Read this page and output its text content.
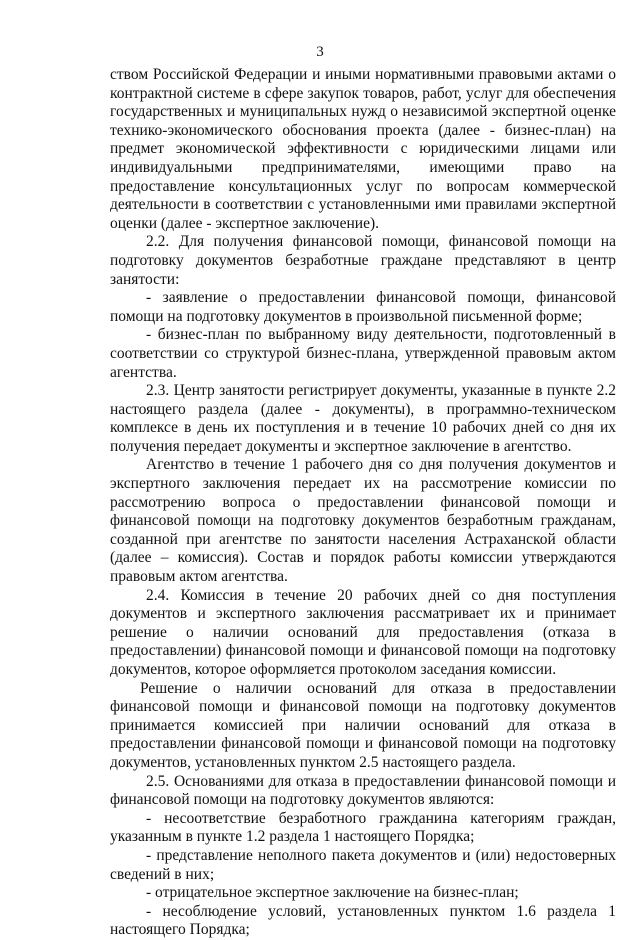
3

ством Российской Федерации и иными нормативными правовыми актами о контрактной системе в сфере закупок товаров, работ, услуг для обеспечения государственных и муниципальных нужд о независимой экспертной оценке технико-экономического обоснования проекта (далее - бизнес-план) на предмет экономической эффективности с юридическими лицами или индивидуальными предпринимателями, имеющими право на предоставление консультационных услуг по вопросам коммерческой деятельности в соответствии с установленными ими правилами экспертной оценки (далее - экспертное заключение).

2.2. Для получения финансовой помощи, финансовой помощи на подготовку документов безработные граждане представляют в центр занятости:

- заявление о предоставлении финансовой помощи, финансовой помощи на подготовку документов в произвольной письменной форме;

- бизнес-план по выбранному виду деятельности, подготовленный в соответствии со структурой бизнес-плана, утвержденной правовым актом агентства.

2.3. Центр занятости регистрирует документы, указанные в пункте 2.2 настоящего раздела (далее - документы), в программно-техническом комплексе в день их поступления и в течение 10 рабочих дней со дня их получения передает документы и экспертное заключение в агентство.

Агентство в течение 1 рабочего дня со дня получения документов и экспертного заключения передает их на рассмотрение комиссии по рассмотрению вопроса о предоставлении финансовой помощи и финансовой помощи на подготовку документов безработным гражданам, созданной при агентстве по занятости населения Астраханской области (далее – комиссия). Состав и порядок работы комиссии утверждаются правовым актом агентства.

2.4. Комиссия в течение 20 рабочих дней со дня поступления документов и экспертного заключения рассматривает их и принимает решение о наличии оснований для предоставления (отказа в предоставлении) финансовой помощи и финансовой помощи на подготовку документов, которое оформляется протоколом заседания комиссии.

Решение о наличии оснований для отказа в предоставлении финансовой помощи и финансовой помощи на подготовку документов принимается комиссией при наличии оснований для отказа в предоставлении финансовой помощи и финансовой помощи на подготовку документов, установленных пунктом 2.5 настоящего раздела.

2.5. Основаниями для отказа в предоставлении финансовой помощи и финансовой помощи на подготовку документов являются:

- несоответствие безработного гражданина категориям граждан, указанным в пункте 1.2 раздела 1 настоящего Порядка;

- представление неполного пакета документов и (или) недостоверных сведений в них;

- отрицательное экспертное заключение на бизнес-план;

- несоблюдение условий, установленных пунктом 1.6 раздела 1 настоящего Порядка;
